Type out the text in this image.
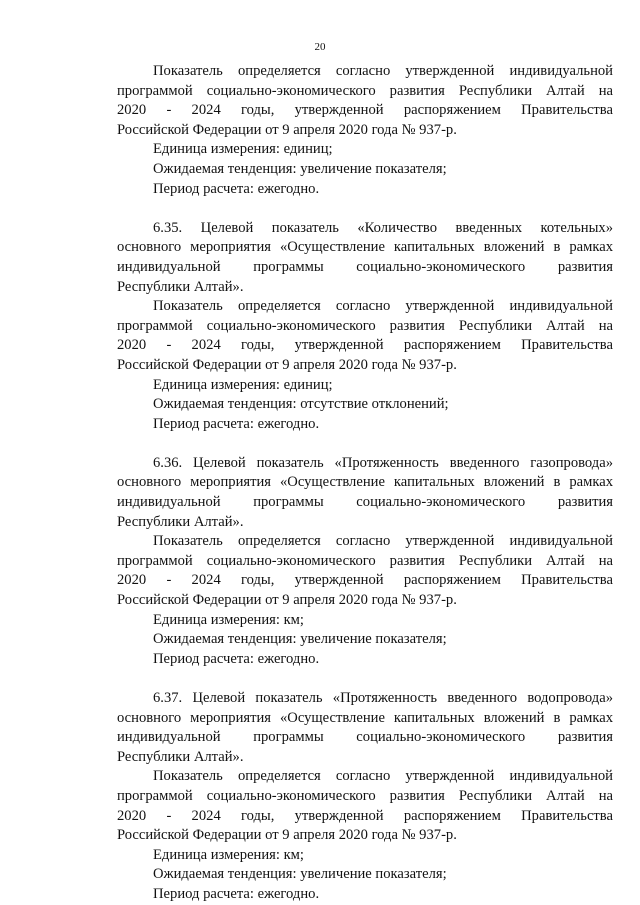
20
Показатель определяется согласно утвержденной индивидуальной
программой социально-экономического развития Республики Алтай на
2020 - 2024 годы, утвержденной распоряжением Правительства
Российской Федерации от 9 апреля 2020 года № 937-р.
Единица измерения: единиц;
Ожидаемая тенденция: увеличение показателя;
Период расчета: ежегодно.
6.35. Целевой показатель «Количество введенных котельных»
основного мероприятия «Осуществление капитальных вложений в рамках
индивидуальной программы социально-экономического развития
Республики Алтай».
Показатель определяется согласно утвержденной индивидуальной
программой социально-экономического развития Республики Алтай на
2020 - 2024 годы, утвержденной распоряжением Правительства
Российской Федерации от 9 апреля 2020 года № 937-р.
Единица измерения: единиц;
Ожидаемая тенденция: отсутствие отклонений;
Период расчета: ежегодно.
6.36. Целевой показатель «Протяженность введенного газопровода»
основного мероприятия «Осуществление капитальных вложений в рамках
индивидуальной программы социально-экономического развития
Республики Алтай».
Показатель определяется согласно утвержденной индивидуальной
программой социально-экономического развития Республики Алтай на
2020 - 2024 годы, утвержденной распоряжением Правительства
Российской Федерации от 9 апреля 2020 года № 937-р.
Единица измерения: км;
Ожидаемая тенденция: увеличение показателя;
Период расчета: ежегодно.
6.37. Целевой показатель «Протяженность введенного водопровода»
основного мероприятия «Осуществление капитальных вложений в рамках
индивидуальной программы социально-экономического развития
Республики Алтай».
Показатель определяется согласно утвержденной индивидуальной
программой социально-экономического развития Республики Алтай на
2020 - 2024 годы, утвержденной распоряжением Правительства
Российской Федерации от 9 апреля 2020 года № 937-р.
Единица измерения: км;
Ожидаемая тенденция: увеличение показателя;
Период расчета: ежегодно.
